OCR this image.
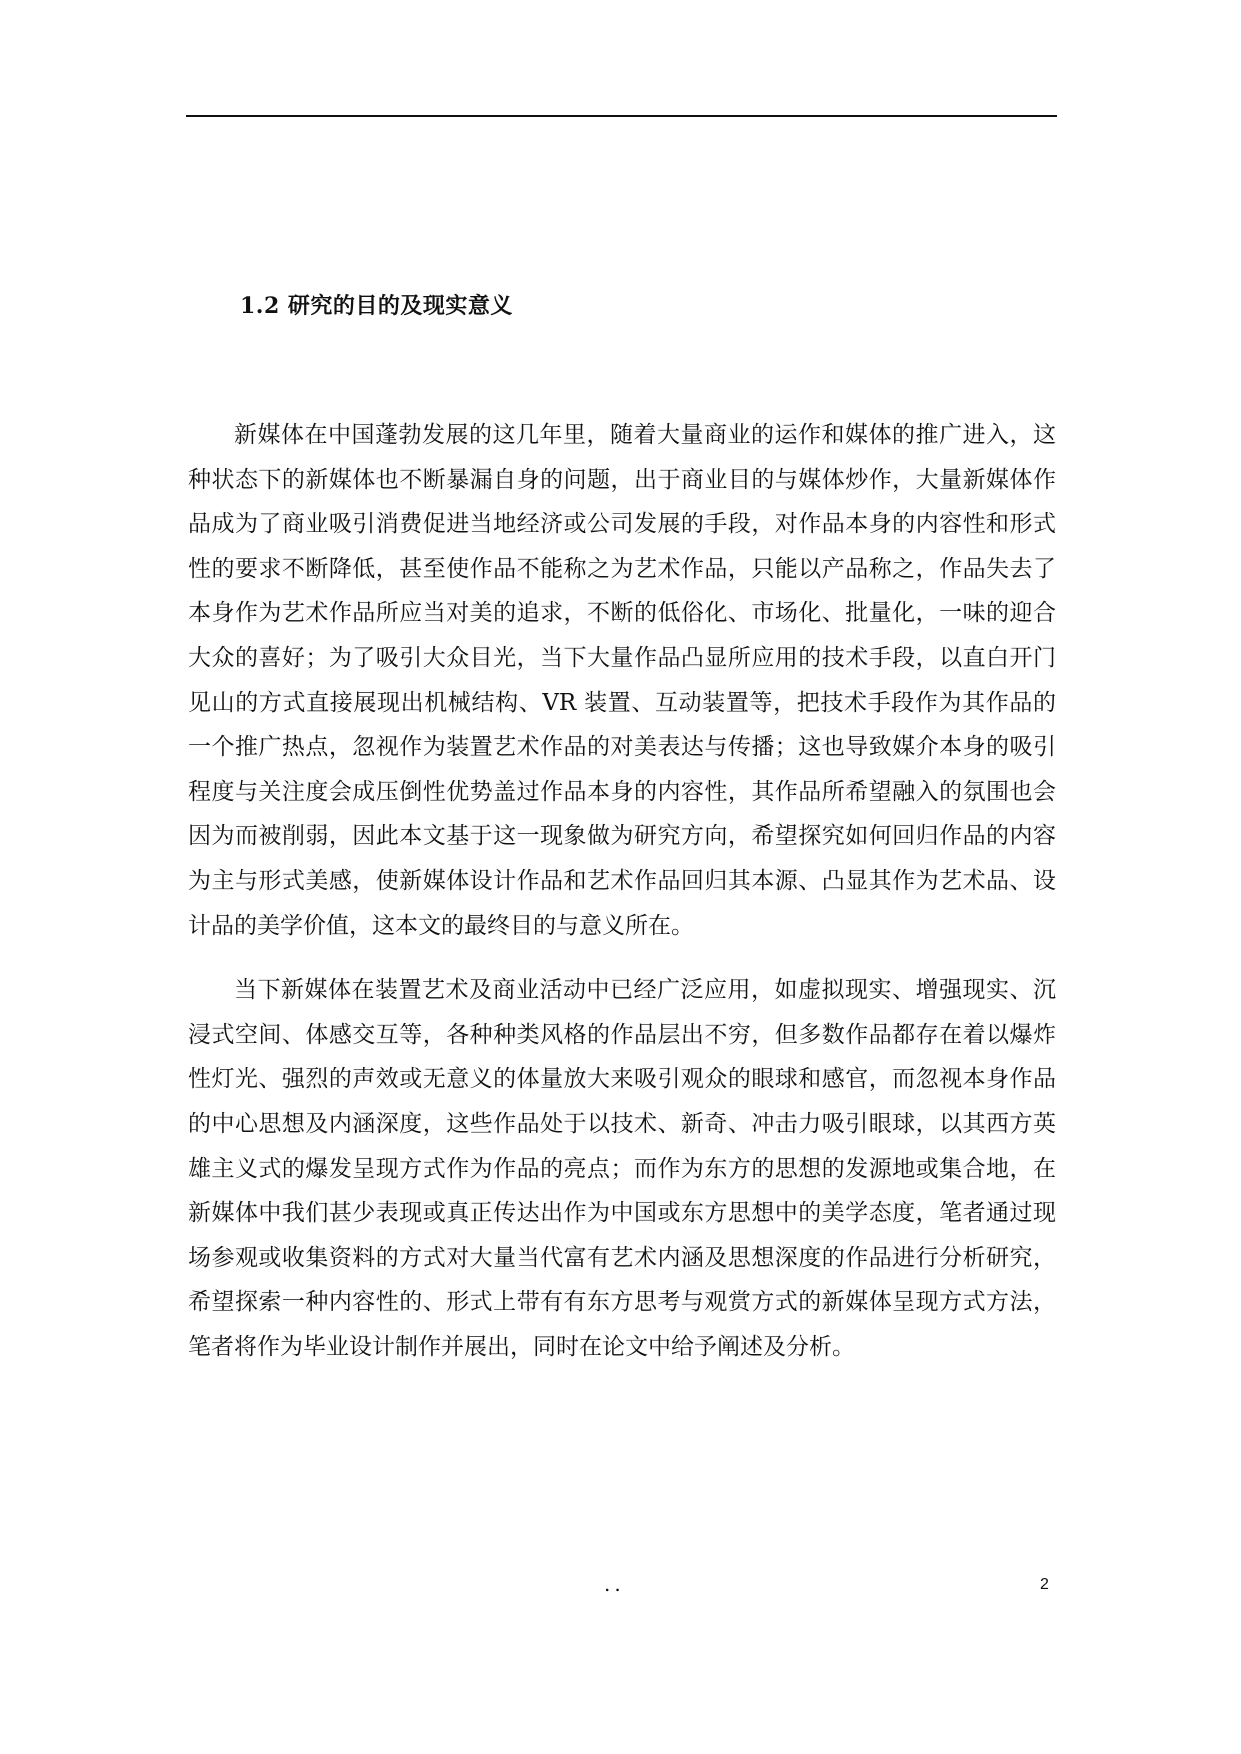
1.2 研究的目的及现实意义

新媒体在中国蓬勃发展的这几年里，随着大量商业的运作和媒体的推广进入，这种状态下的新媒体也不断暴漏自身的问题，出于商业目的与媒体炒作，大量新媒体作品成为了商业吸引消费促进当地经济或公司发展的手段，对作品本身的内容性和形式性的要求不断降低，甚至使作品不能称之为艺术作品，只能以产品称之，作品失去了本身作为艺术作品所应当对美的追求，不断的低俗化、市场化、批量化，一味的迎合大众的喜好；为了吸引大众目光，当下大量作品凸显所应用的技术手段，以直白开门见山的方式直接展现出机械结构、VR 装置、互动装置等，把技术手段作为其作品的一个推广热点，忽视作为装置艺术作品的对美表达与传播；这也导致媒介本身的吸引程度与关注度会成压倒性优势盖过作品本身的内容性，其作品所希望融入的氛围也会因为而被削弱，因此本文基于这一现象做为研究方向，希望探究如何回归作品的内容为主与形式美感，使新媒体设计作品和艺术作品回归其本源、凸显其作为艺术品、设计品的美学价值，这本文的最终目的与意义所在。

当下新媒体在装置艺术及商业活动中已经广泛应用，如虚拟现实、增强现实、沉浸式空间、体感交互等，各种种类风格的作品层出不穷，但多数作品都存在着以爆炸性灯光、强烈的声效或无意义的体量放大来吸引观众的眼球和感官，而忽视本身作品的中心思想及内涵深度，这些作品处于以技术、新奇、冲击力吸引眼球，以其西方英雄主义式的爆发呈现方式作为作品的亮点；而作为东方的思想的发源地或集合地，在新媒体中我们甚少表现或真正传达出作为中国或东方思想中的美学态度，笔者通过现场参观或收集资料的方式对大量当代富有艺术内涵及思想深度的作品进行分析研究，希望探索一种内容性的、形式上带有有东方思考与观赏方式的新媒体呈现方式方法，笔者将作为毕业设计制作并展出，同时在论文中给予阐述及分析。

..	2
